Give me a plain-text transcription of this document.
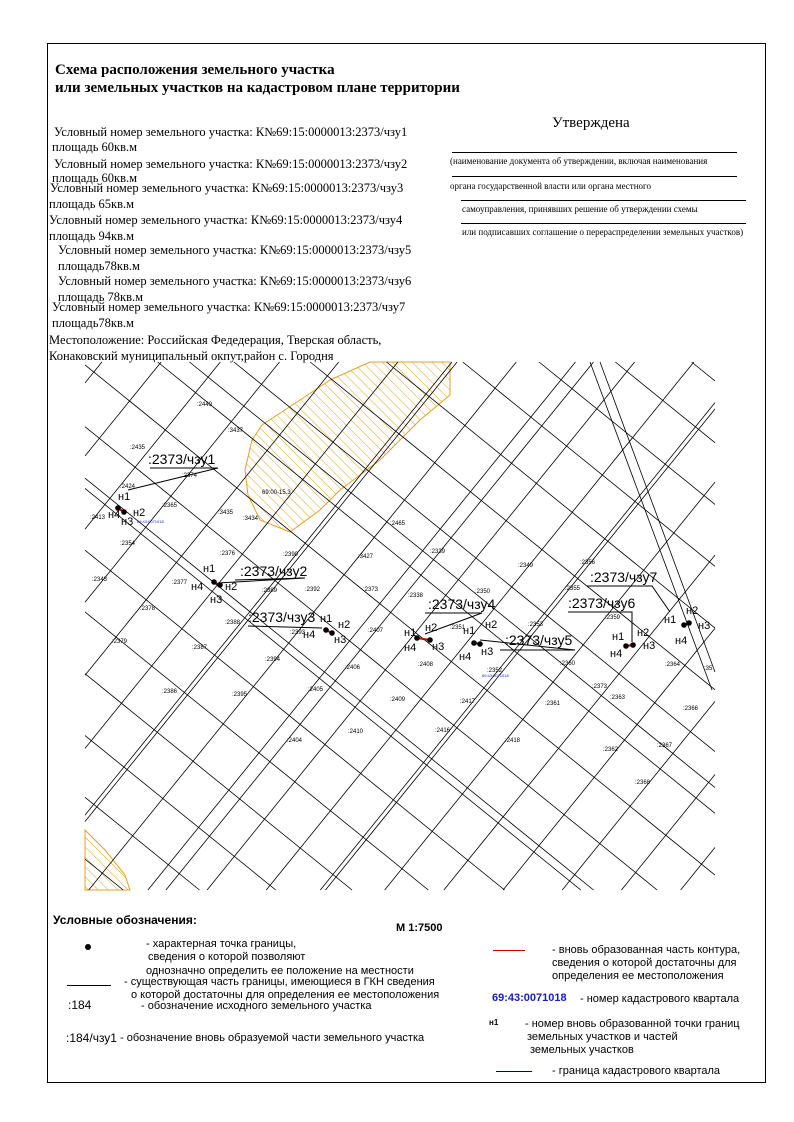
Схема расположения земельного участка
или земельных участков на кадастровом плане территории
Условный номер земельного участка: К№69:15:0000013:2373/чзу1
площадь 60кв.м
Условный номер земельного участка: К№69:15:0000013:2373/чзу2
площадь 60кв.м
Условный номер земельного участка: К№69:15:0000013:2373/чзу3
площадь 65кв.м
Условный номер земельного участка: К№69:15:0000013:2373/чзу4
площадь 94кв.м
Условный номер земельного участка: К№69:15:0000013:2373/чзу5
площадь78кв.м
Условный номер земельного участка: К№69:15:0000013:2373/чзу6
площадь 78кв.м
Условный номер земельного участка: К№69:15:0000013:2373/чзу7
площадь78кв.м
Местоположение: Российская Федедерация, Тверская область,
Конаковский муниципальный окпут,район с. Городня
Утверждена
(наименование документа об утверждении, включая наименования
органа государственной власти или органа местного
самоуправления, принявших решение об утверждении схемы
или подписавших соглашение о перераспределении земельных участков)
:2449
:3437
:2435
:2374
:2424
:2365
:2413
:3435
:3434
:2465
:2354
:2376	:2390	:3427
:2343	:2377
:2389	:2392	:2373
:2338
:2339
:2349	:2356
:2355
:2350
:2378
:2388
:2393	:2407	:2351	:2353
:2359
:2379
:2387
:2394
:2406	:2408
:2352
:2360	:2364
:2373
:2363
:2386	:2395
:2405
:2409	:2417	:2361
:2366
:2404
:2410	:2416
:2418
:2362
:2367
:2368
:35
69:00-15.3
69:43:0071018
69:43:0071018
:2373/чзу1
н1
н2
н3
н4
:2373/чзу2
н1
н2
н3
н4
:2373/чзу3 н1 н2
н3
н4
:2373/чзу4
н1 н2
н3
н4	:2373/чзу5
н1 н2
н3
н4
:2373/чзу6
н1 н2
н3
н4
:2373/чзу7
н1
н2
н3
н4
Условные обозначения:
М 1:7500
- характерная точка границы,
сведения о которой позволяют
однозначно определить ее положение на местности
- существующая часть границы, имеющиеся в ГКН сведения
о которой достаточны для определения ее местоположения
:184	- обозначение исходного земельного участка
:184/чзу1 - обозначение вновь образуемой части земельного участка
- вновь образованная часть контура,
сведения о которой достаточны для
определения ее местоположения
69:43:0071018 - номер кадастрового квартала
н1 - номер вновь образованной точки границ
земельных участков и частей
земельных участков
- граница кадастрового квартала
